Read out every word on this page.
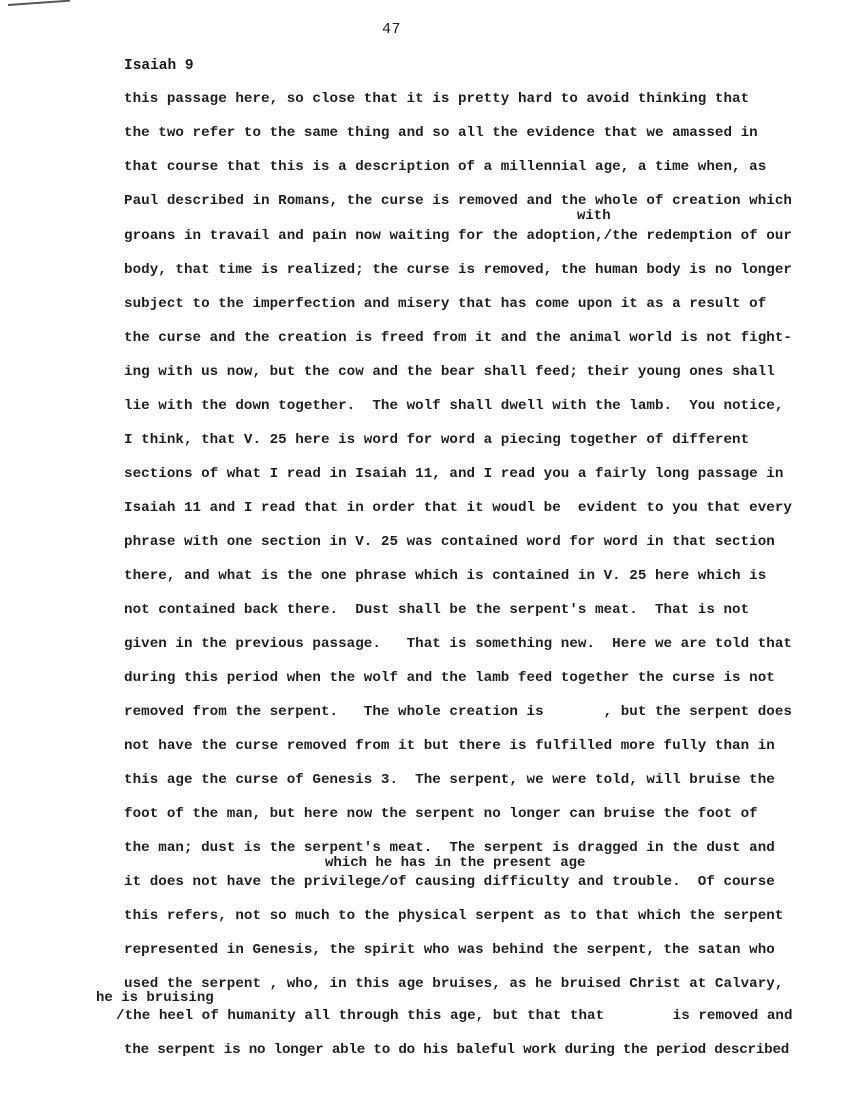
47
Isaiah 9
this passage here, so close that it is pretty hard to avoid thinking that
the two refer to the same thing and so all the evidence that we amassed in
that course that this is a description of a millennial age, a time when, as
Paul described in Romans, the curse is removed and the whole of creation which
with
groans in travail and pain now waiting for the adoption,/the redemption of our
body, that time is realized; the curse is removed, the human body is no longer
subject to the imperfection and misery that has come upon it as a result of
the curse and the creation is freed from it and the animal world is not fight-
ing with us now, but the cow and the bear shall feed; their young ones shall
lie with the down together.  The wolf shall dwell with the lamb.  You notice,
I think, that V. 25 here is word for word a piecing together of different
sections of what I read in Isaiah 11, and I read you a fairly long passage in
Isaiah 11 and I read that in order that it woudl be  evident to you that every
phrase with one section in V. 25 was contained word for word in that section
there, and what is the one phrase which is contained in V. 25 here which is
not contained back there.  Dust shall be the serpent's meat.  That is not
given in the previous passage.   That is something new.  Here we are told that
during this period when the wolf and the lamb feed together the curse is not
removed from the serpent.   The whole creation is       , but the serpent does
not have the curse removed from it but there is fulfilled more fully than in
this age the curse of Genesis 3.  The serpent, we were told, will bruise the
foot of the man, but here now the serpent no longer can bruise the foot of
the man; dust is the serpent's meat.  The serpent is dragged in the dust and
which he has in the present age
it does not have the privilege/of causing difficulty and trouble.  Of course
this refers, not so much to the physical serpent as to that which the serpent
represented in Genesis, the spirit who was behind the serpent, the satan who
used the serpent , who, in this age bruises, as he bruised Christ at Calvary,
he is bruising
/the heel of humanity all through this age, but that that        is removed and
the serpent is no longer able to do his baleful work during the period described
